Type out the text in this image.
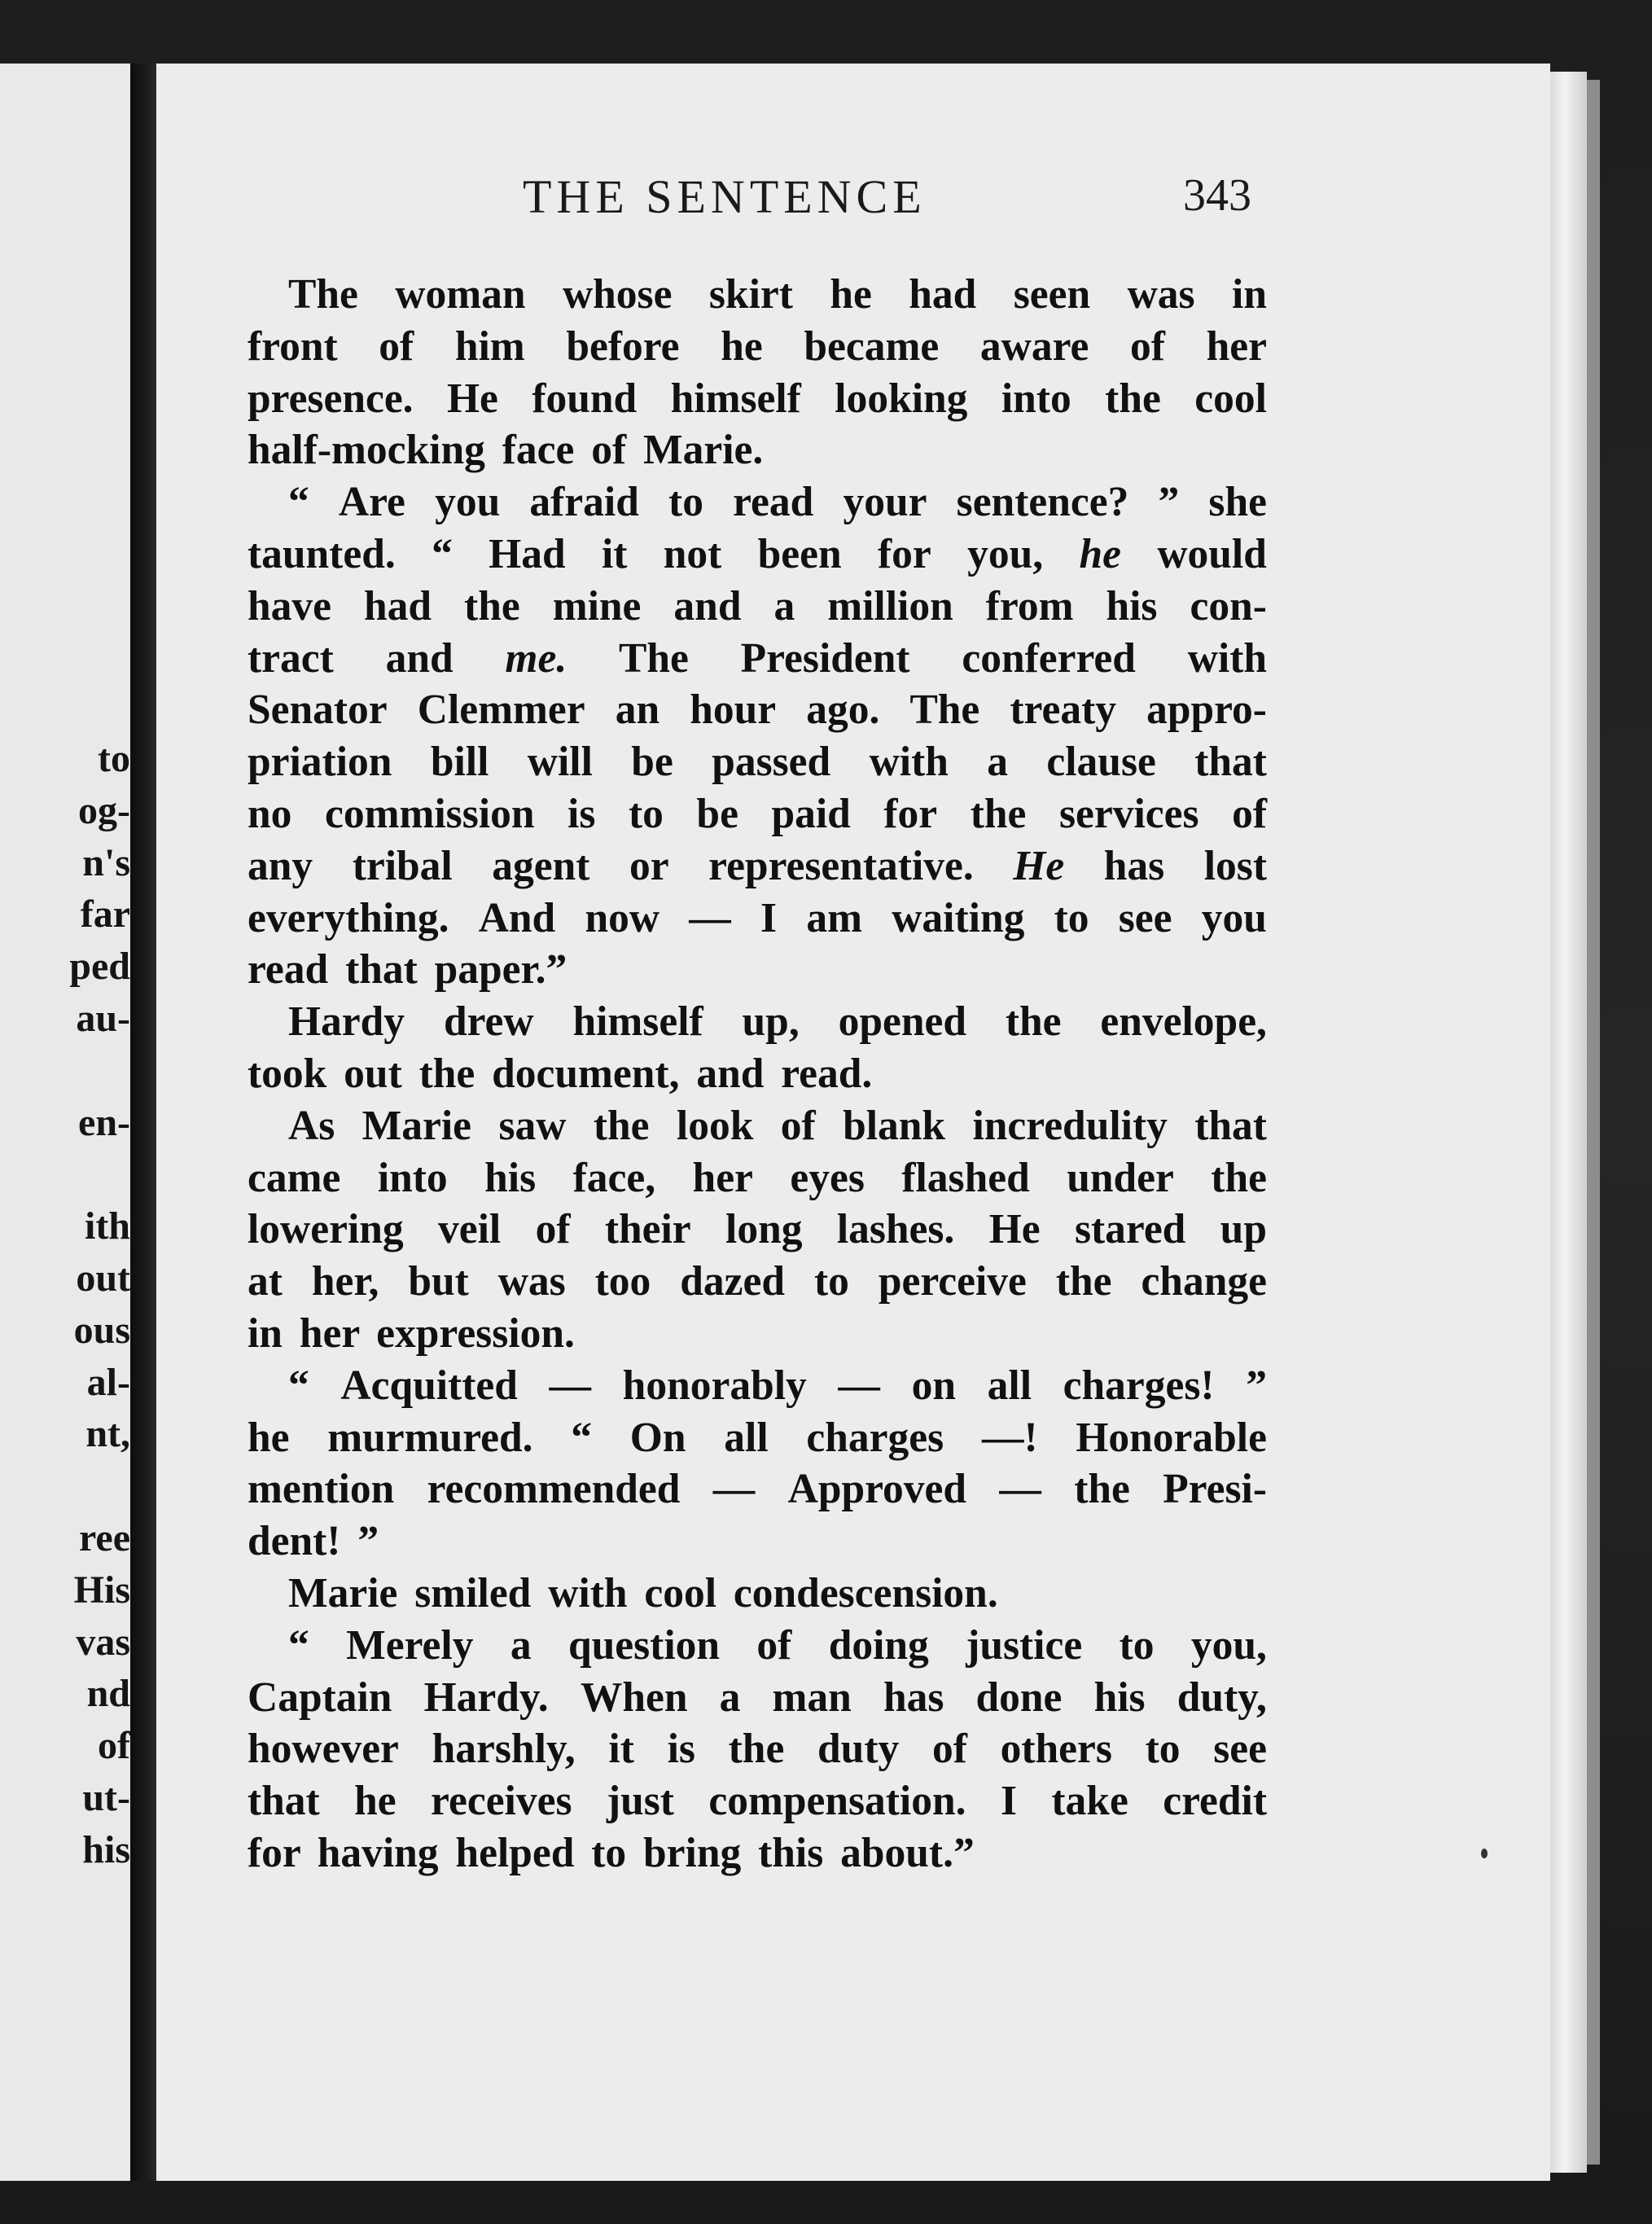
to
og-
n's
far
ped
au-
en-
ith
out
ous
al-
nt,
ree
His
vas
nd
of
ut-
his
THE SENTENCE	343
The woman whose skirt he had seen was in
front of him before he became aware of her
presence. He found himself looking into the cool
half-mocking face of Marie.
“ Are you afraid to read your sentence? ” she
taunted. “ Had it not been for you, he would
have had the mine and a million from his con-
tract and me. The President conferred with
Senator Clemmer an hour ago. The treaty appro-
priation bill will be passed with a clause that
no commission is to be paid for the services of
any tribal agent or representative. He has lost
everything. And now — I am waiting to see you
read that paper.”
Hardy drew himself up, opened the envelope,
took out the document, and read.
As Marie saw the look of blank incredulity that
came into his face, her eyes flashed under the
lowering veil of their long lashes. He stared up
at her, but was too dazed to perceive the change
in her expression.
“ Acquitted — honorably — on all charges! ”
he murmured. “ On all charges —! Honorable
mention recommended — Approved — the Presi-
dent! ”
Marie smiled with cool condescension.
“ Merely a question of doing justice to you,
Captain Hardy. When a man has done his duty,
however harshly, it is the duty of others to see
that he receives just compensation. I take credit
for having helped to bring this about.”
